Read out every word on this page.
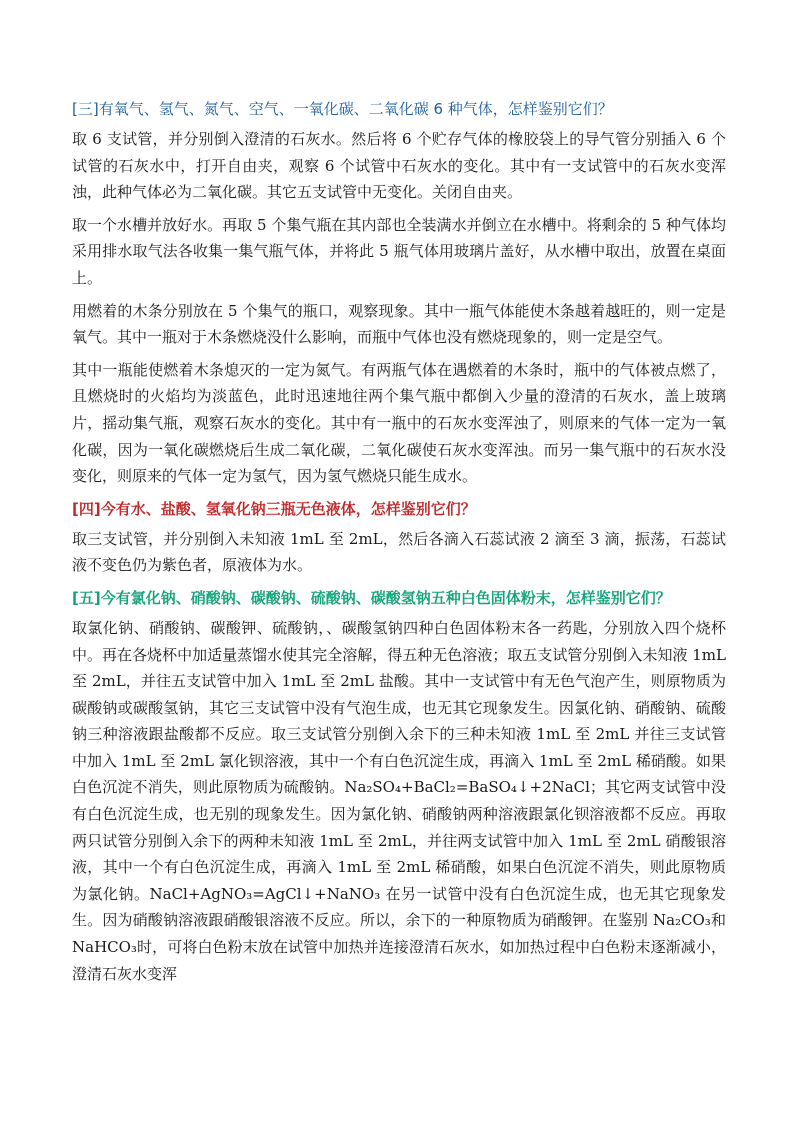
[三]有氧气、氢气、氮气、空气、一氧化碳、二氧化碳 6 种气体，怎样鉴别它们？
取 6 支试管，并分别倒入澄清的石灰水。然后将 6 个贮存气体的橡胶袋上的导气管分别插入 6 个试管的石灰水中，打开自由夹，观察 6 个试管中石灰水的变化。其中有一支试管中的石灰水变浑浊，此种气体必为二氧化碳。其它五支试管中无变化。关闭自由夹。
取一个水槽并放好水。再取 5 个集气瓶在其内部也全装满水并倒立在水槽中。将剩余的 5 种气体均采用排水取气法各收集一集气瓶气体，并将此 5 瓶气体用玻璃片盖好，从水槽中取出，放置在桌面上。
用燃着的木条分别放在 5 个集气的瓶口，观察现象。其中一瓶气体能使木条越着越旺的，则一定是氧气。其中一瓶对于木条燃烧没什么影响，而瓶中气体也没有燃烧现象的，则一定是空气。
其中一瓶能使燃着木条熄灭的一定为氮气。有两瓶气体在遇燃着的木条时，瓶中的气体被点燃了，且燃烧时的火焰均为淡蓝色，此时迅速地往两个集气瓶中都倒入少量的澄清的石灰水，盖上玻璃片，摇动集气瓶，观察石灰水的变化。其中有一瓶中的石灰水变浑浊了，则原来的气体一定为一氧化碳，因为一氧化碳燃烧后生成二氧化碳，二氧化碳使石灰水变浑浊。而另一集气瓶中的石灰水没变化，则原来的气体一定为氢气，因为氢气燃烧只能生成水。
[四]今有水、盐酸、氢氧化钠三瓶无色液体，怎样鉴别它们？
取三支试管，并分别倒入未知液 1mL 至 2mL，然后各滴入石蕊试液 2 滴至 3 滴，振荡，石蕊试液不变色仍为紫色者，原液体为水。
[五]今有氯化钠、硝酸钠、碳酸钠、硫酸钠、碳酸氢钠五种白色固体粉末，怎样鉴别它们？
取氯化钠、硝酸钠、碳酸钾、硫酸钠，、碳酸氢钠四种白色固体粉末各一药匙，分别放入四个烧杯中。再在各烧杯中加适量蒸馏水使其完全溶解，得五种无色溶液；取五支试管分别倒入未知液 1mL 至 2mL，并往五支试管中加入 1mL 至 2mL 盐酸。其中一支试管中有无色气泡产生，则原物质为碳酸钠或碳酸氢钠，其它三支试管中没有气泡生成，也无其它现象发生。因氯化钠、硝酸钠、硫酸钠三种溶液跟盐酸都不反应。取三支试管分别倒入余下的三种未知液 1mL 至 2mL 并往三支试管中加入 1mL 至 2mL 氯化钡溶液，其中一个有白色沉淀生成，再滴入 1mL 至 2mL 稀硝酸。如果白色沉淀不消失，则此原物质为硫酸钠。Na₂SO₄+BaCl₂=BaSO₄↓+2NaCl；其它两支试管中没有白色沉淀生成，也无别的现象发生。因为氯化钠、硝酸钠两种溶液跟氯化钡溶液都不反应。再取两只试管分别倒入余下的两种未知液 1mL 至 2mL，并往两支试管中加入 1mL 至 2mL 硝酸银溶液，其中一个有白色沉淀生成，再滴入 1mL 至 2mL 稀硝酸，如果白色沉淀不消失，则此原物质为氯化钠。NaCl+AgNO₃=AgCl↓+NaNO₃ 在另一试管中没有白色沉淀生成，也无其它现象发生。因为硝酸钠溶液跟硝酸银溶液不反应。所以，余下的一种原物质为硝酸钾。在鉴别 Na₂CO₃和 NaHCO₃时，可将白色粉末放在试管中加热并连接澄清石灰水，如加热过程中白色粉末逐渐减小，澄清石灰水变浑
